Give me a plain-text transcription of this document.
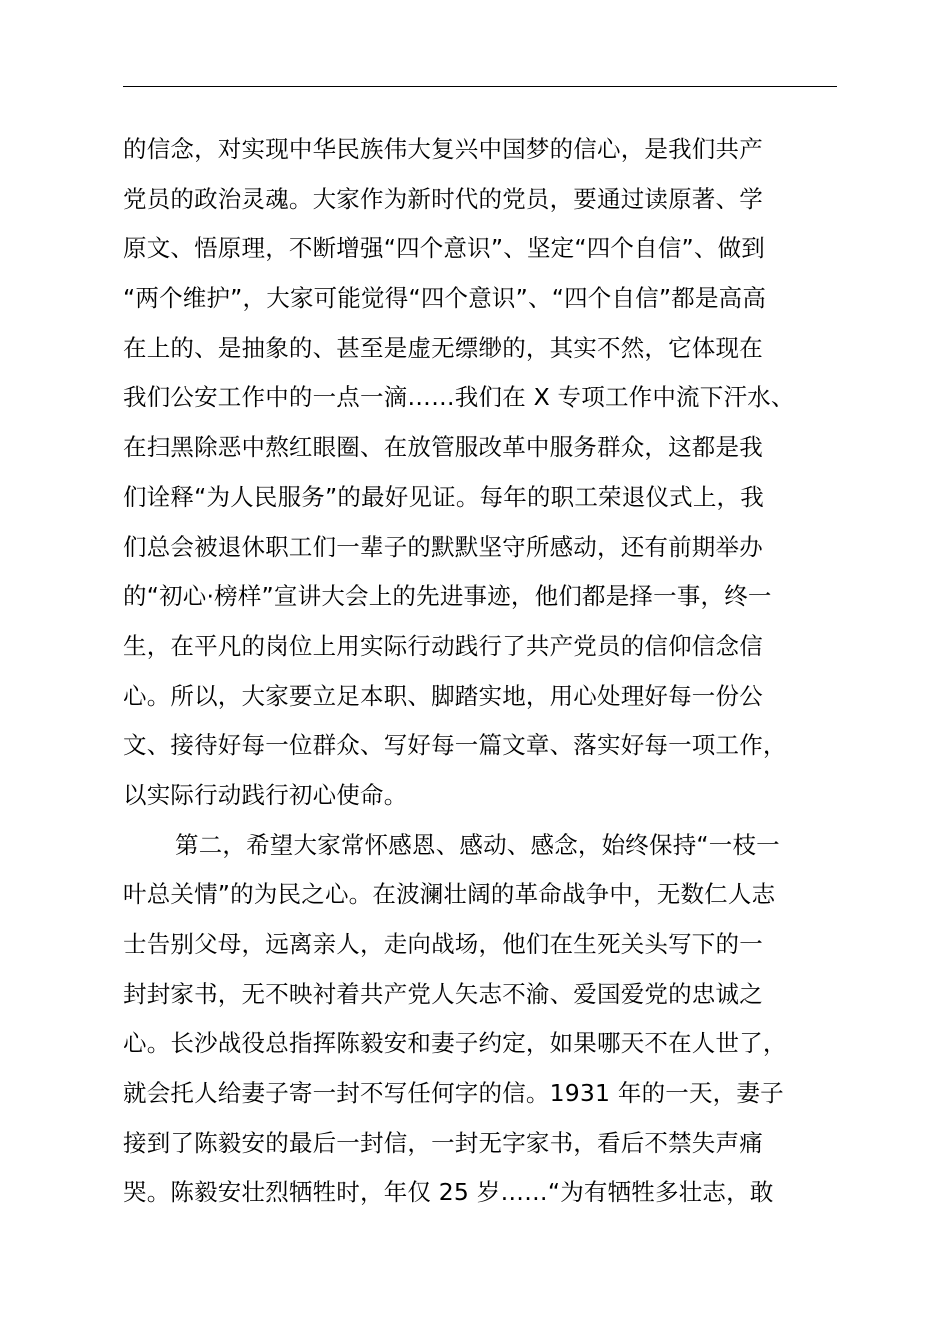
的信念，对实现中华民族伟大复兴中国梦的信心，是我们共产
党员的政治灵魂。大家作为新时代的党员，要通过读原著、学
原文、悟原理，不断增强“四个意识”、坚定“四个自信”、做到
“两个维护”，大家可能觉得“四个意识”、“四个自信”都是高高
在上的、是抽象的、甚至是虚无缥缈的，其实不然，它体现在
我们公安工作中的一点一滴……我们在 X 专项工作中流下汗水、
在扫黑除恶中熬红眼圈、在放管服改革中服务群众，这都是我
们诠释“为人民服务”的最好见证。每年的职工荣退仪式上，我
们总会被退休职工们一辈子的默默坚守所感动，还有前期举办
的“初心·榜样”宣讲大会上的先进事迹，他们都是择一事，终一
生，在平凡的岗位上用实际行动践行了共产党员的信仰信念信
心。所以，大家要立足本职、脚踏实地，用心处理好每一份公
文、接待好每一位群众、写好每一篇文章、落实好每一项工作，
以实际行动践行初心使命。
第二，希望大家常怀感恩、感动、感念，始终保持“一枝一
叶总关情”的为民之心。在波澜壮阔的革命战争中，无数仁人志
士告别父母，远离亲人，走向战场，他们在生死关头写下的一
封封家书，无不映衬着共产党人矢志不渝、爱国爱党的忠诚之
心。长沙战役总指挥陈毅安和妻子约定，如果哪天不在人世了，
就会托人给妻子寄一封不写任何字的信。1931 年的一天，妻子
接到了陈毅安的最后一封信，一封无字家书，看后不禁失声痛
哭。陈毅安壮烈牺牲时，年仅 25 岁……“为有牺牲多壮志，敢
